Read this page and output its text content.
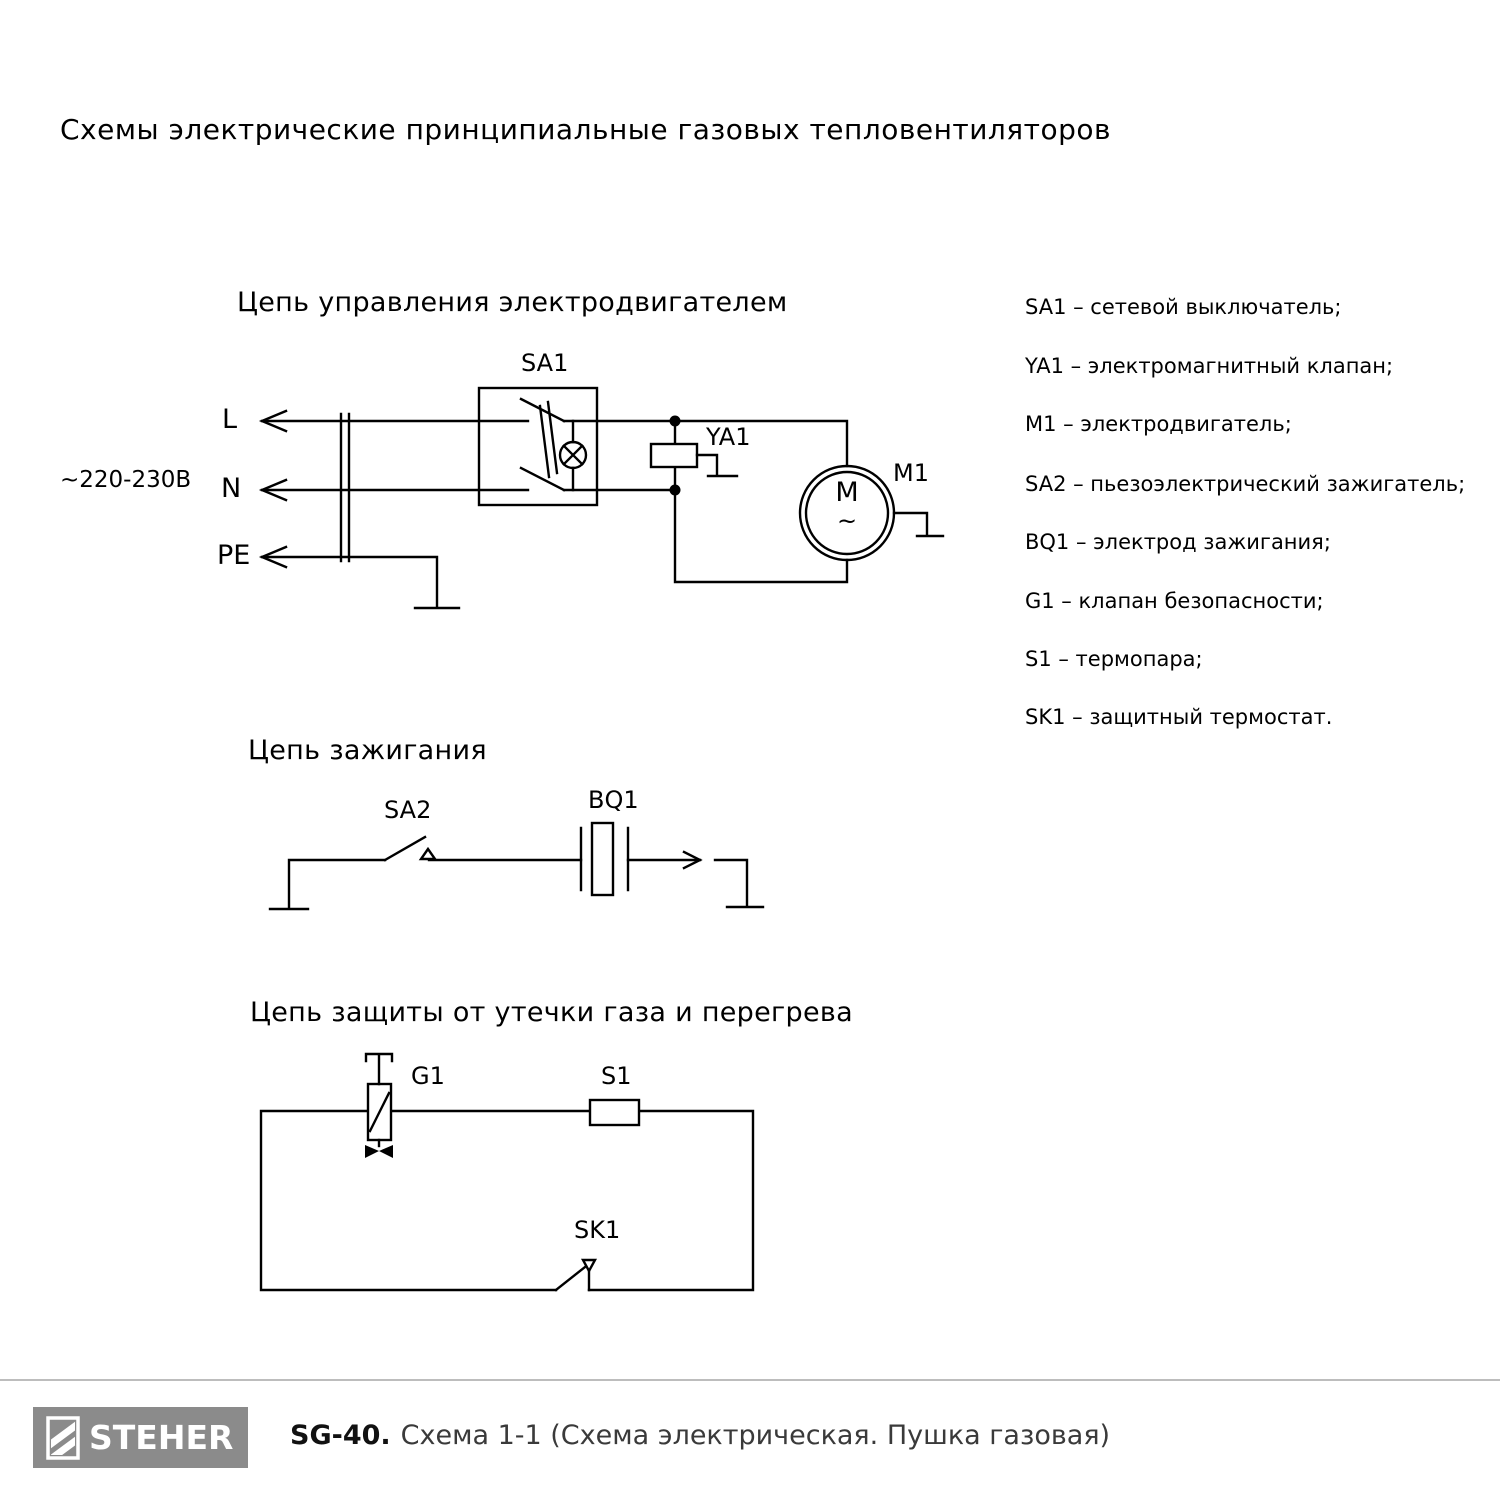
Схемы электрические принципиальные газовых тепловентиляторов
Цепь управления электродвигателем
~220-230В
L
N
PE
SA1
YA1
M1
M
~
Цепь зажигания
SA2	BQ1
Цепь защиты от утечки газа и перегрева
G1	S1
SK1
SA1 – сетевой выключатель;
YA1 – электромагнитный клапан;
M1 – электродвигатель;
SA2 – пьезоэлектрический зажигатель;
BQ1 – электрод зажигания;
G1 – клапан безопасности;
S1 – термопара;
SK1 – защитный термостат.
STEHER SG-40. Схема 1-1 (Схема электрическая. Пушка газовая)
